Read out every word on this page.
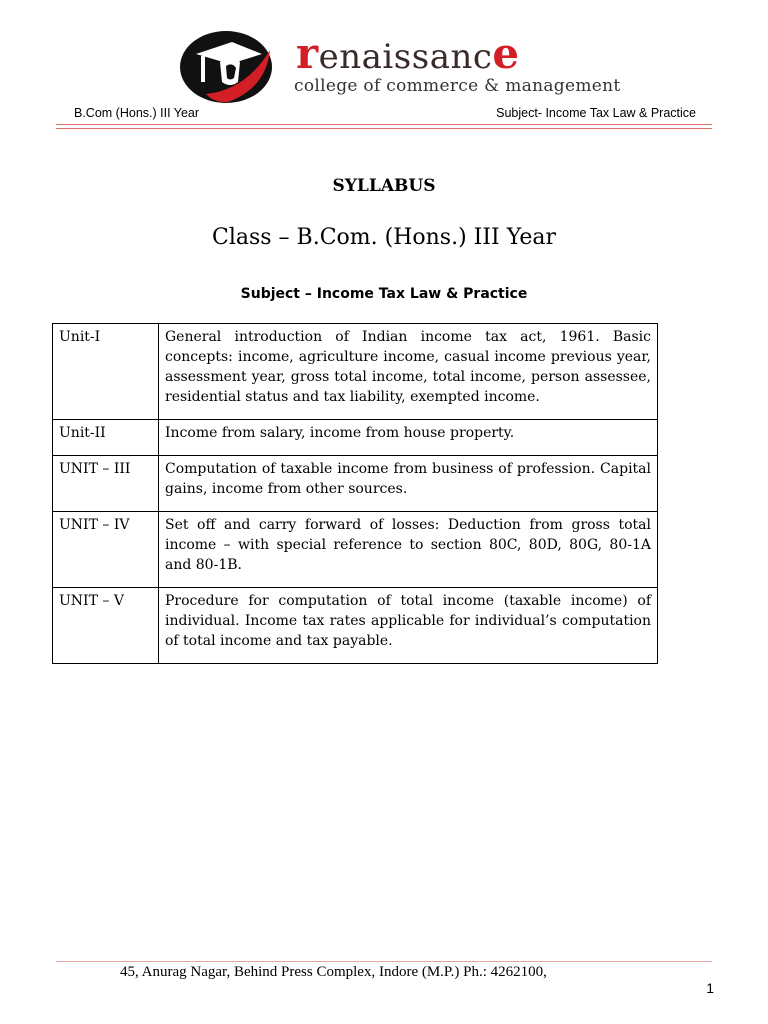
renaissance
college of commerce & management
B.Com (Hons.) III Year	Subject- Income Tax Law & Practice
SYLLABUS
Class – B.Com. (Hons.) III Year
Subject – Income Tax Law & Practice
Unit-I	General introduction of Indian income tax act, 1961. Basic concepts: income, agriculture income, casual income previous year, assessment year, gross total income, total income, person assessee, residential status and tax liability, exempted income.
Unit-II	Income from salary, income from house property.
UNIT – III	Computation of taxable income from business of profession. Capital gains, income from other sources.
UNIT – IV	Set off and carry forward of losses: Deduction from gross total income – with special reference to section 80C, 80D, 80G, 80-1A and 80-1B.
UNIT – V	Procedure for computation of total income (taxable income) of individual. Income tax rates applicable for individual’s computation of total income and tax payable.
45, Anurag Nagar, Behind Press Complex, Indore (M.P.) Ph.: 4262100,
1
